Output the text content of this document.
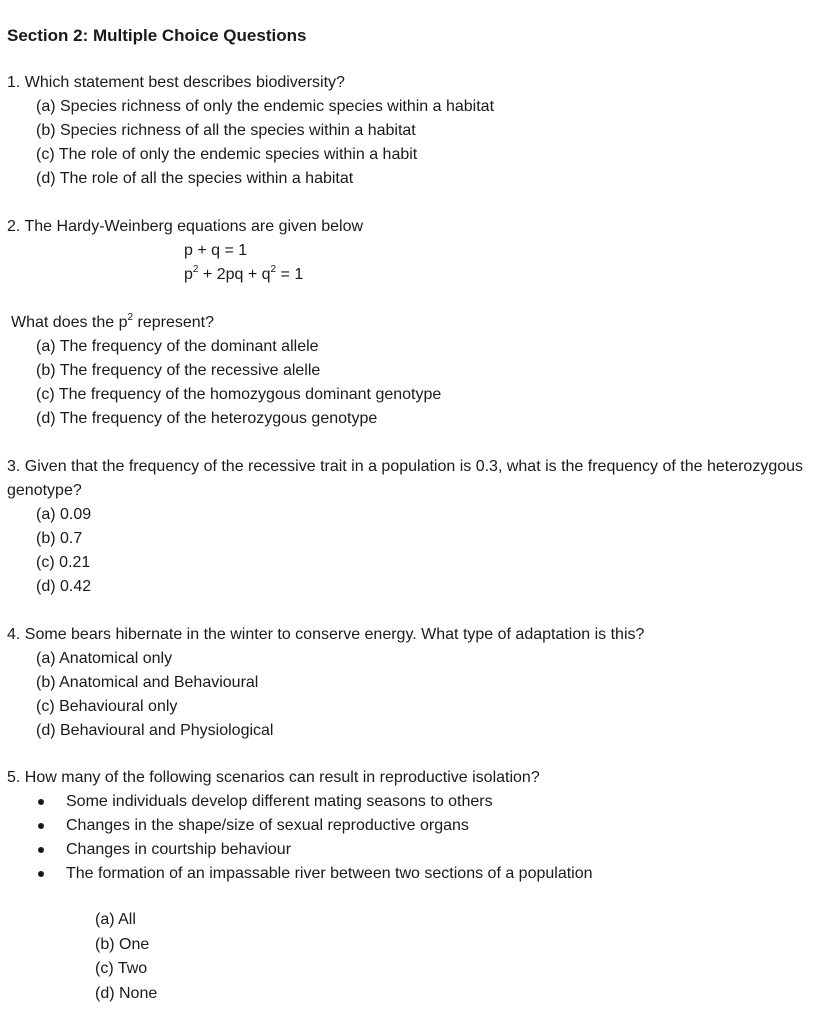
Section 2: Multiple Choice Questions
1. Which statement best describes biodiversity?
(a) Species richness of only the endemic species within a habitat
(b) Species richness of all the species within a habitat
(c) The role of only the endemic species within a habit
(d) The role of all the species within a habitat
2. The Hardy-Weinberg equations are given below
p + q = 1
$p^2 + 2pq + q^2 = 1$
What does the $p^2$ represent?
(a) The frequency of the dominant allele
(b) The frequency of the recessive alelle
(c) The frequency of the homozygous dominant genotype
(d) The frequency of the heterozygous genotype
3. Given that the frequency of the recessive trait in a population is 0.3, what is the frequency of the heterozygous genotype?
(a) 0.09
(b) 0.7
(c) 0.21
(d) 0.42
4. Some bears hibernate in the winter to conserve energy. What type of adaptation is this?
(a) Anatomical only
(b) Anatomical and Behavioural
(c) Behavioural only
(d) Behavioural and Physiological
5. How many of the following scenarios can result in reproductive isolation?
Some individuals develop different mating seasons to others
Changes in the shape/size of sexual reproductive organs
Changes in courtship behaviour
The formation of an impassable river between two sections of a population
(a) All
(b) One
(c) Two
(d) None
